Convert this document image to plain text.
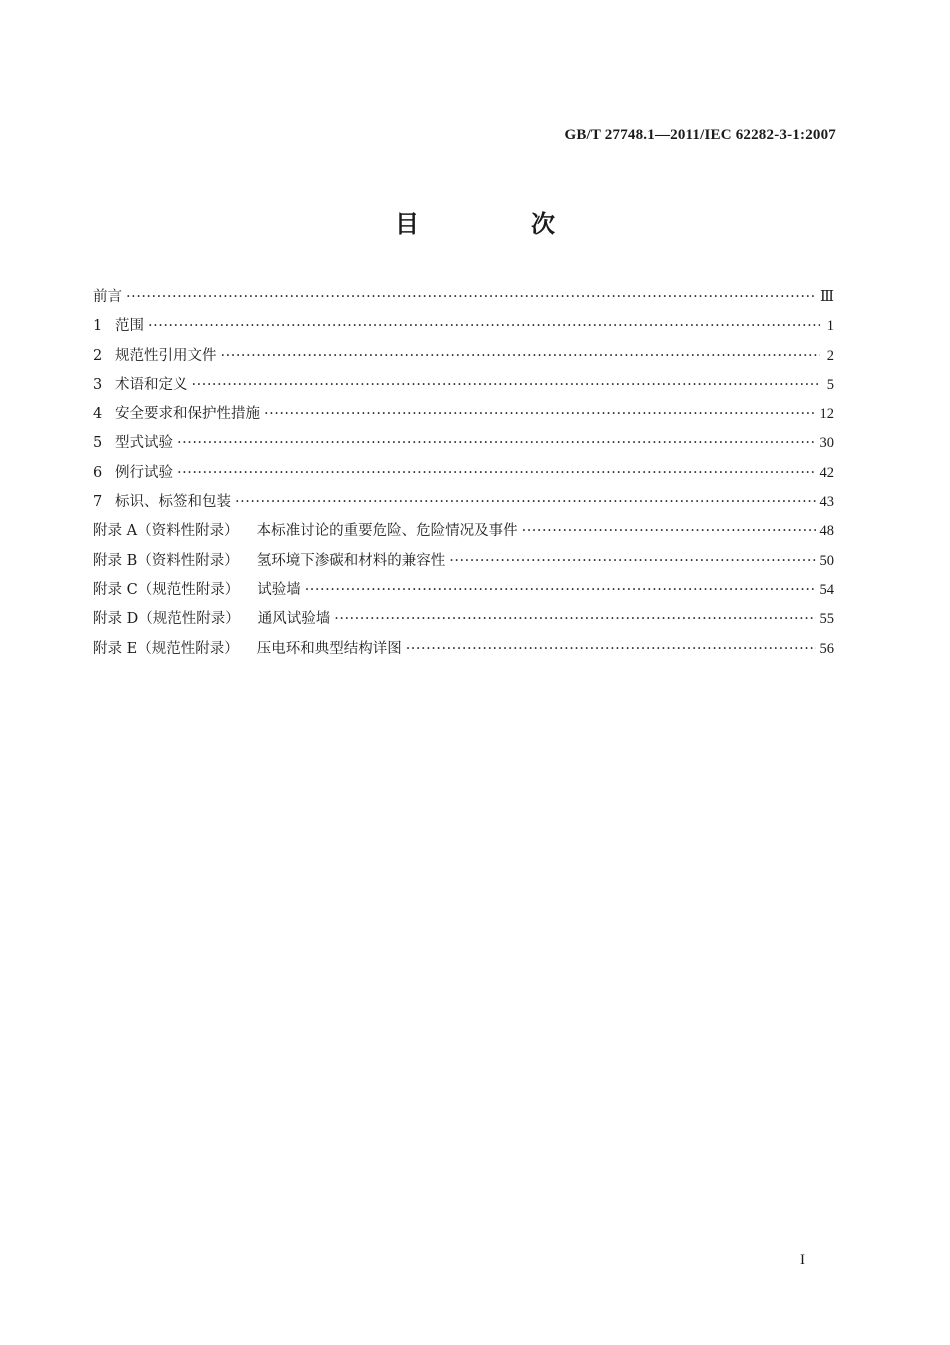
GB/T 27748.1—2011/IEC 62282-3-1:2007
目　次
前言 ·····	Ⅲ
1 范围 ·····	1
2 规范性引用文件 ·····	2
3 术语和定义 ·····	5
4 安全要求和保护性措施 ·····	12
5 型式试验 ·····	30
6 例行试验 ·····	42
7 标识、标签和包装 ·····	43
附录 A（资料性附录）	本标准讨论的重要危险、危险情况及事件 ·····	48
附录 B（资料性附录）	氢环境下渗碳和材料的兼容性 ·····	50
附录 C（规范性附录）	试验墙 ·····	54
附录 D（规范性附录）	通风试验墙 ·····	55
附录 E（规范性附录）	压电环和典型结构详图 ·····	56
I
